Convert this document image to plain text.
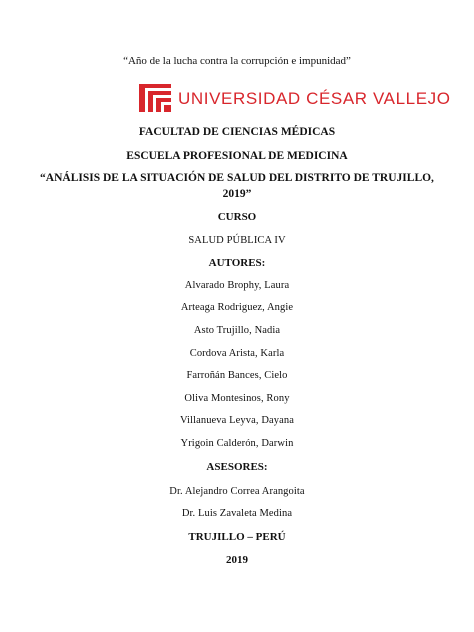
“Año de la lucha contra la corrupción e impunidad”
UNIVERSIDAD CÉSAR VALLEJO
FACULTAD DE CIENCIAS MÉDICAS
ESCUELA PROFESIONAL DE MEDICINA
“ANÁLISIS DE LA SITUACIÓN DE SALUD DEL DISTRITO DE TRUJILLO,
2019”
CURSO
SALUD PÚBLICA IV
AUTORES:
Alvarado Brophy, Laura
Arteaga Rodriguez, Angie
Asto Trujillo, Nadia
Cordova Arista, Karla
Farroñán Bances, Cielo
Oliva Montesinos, Rony
Villanueva Leyva, Dayana
Yrigoin Calderón, Darwin
ASESORES:
Dr. Alejandro Correa Arangoita
Dr. Luis Zavaleta Medina
TRUJILLO – PERÚ
2019
